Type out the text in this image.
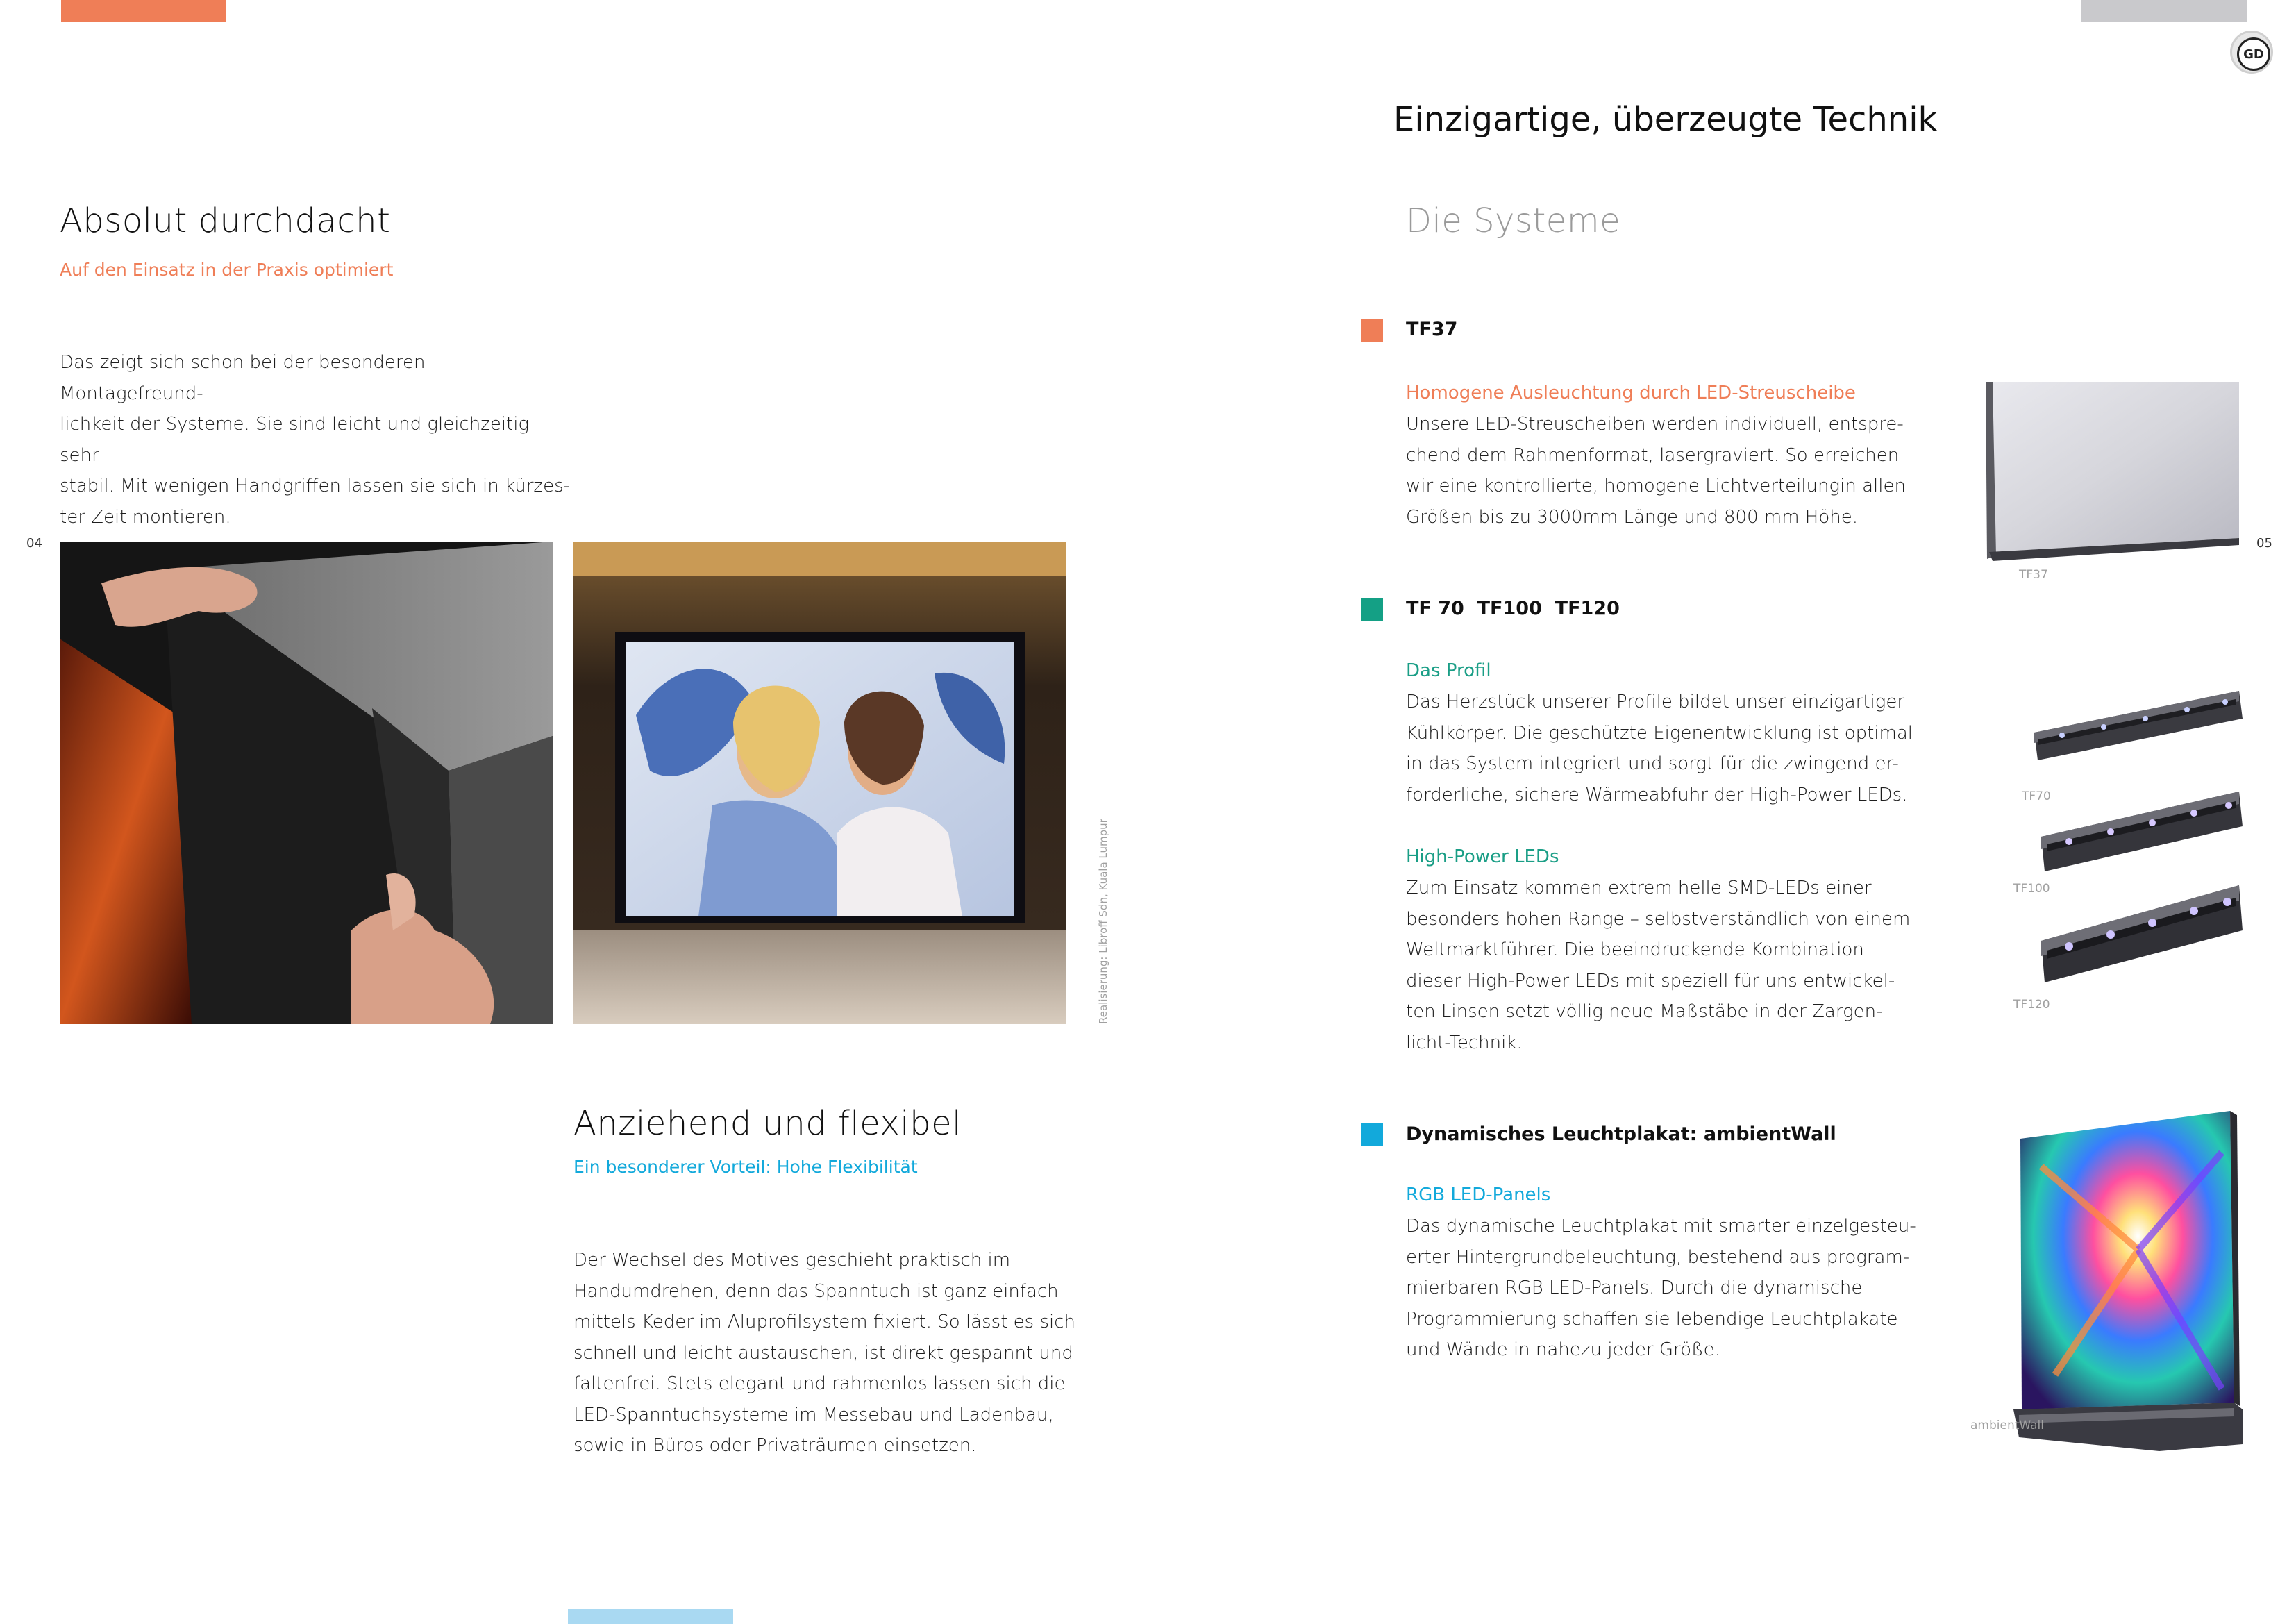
GD
04
Absolut durchdacht
Auf den Einsatz in der Praxis optimiert
Das zeigt sich schon bei der besonderen Montagefreund-
lichkeit der Systeme. Sie sind leicht und gleichzeitig sehr
stabil. Mit wenigen Handgriffen lassen sie sich in kürzes-
ter Zeit montieren.
Realisierung: Libroff Sdn, Kuala Lumpur
Anziehend und flexibel
Ein besonderer Vorteil: Hohe Flexibilität
Der Wechsel des Motives geschieht praktisch im
Handumdrehen, denn das Spanntuch ist ganz einfach
mittels Keder im Aluprofilsystem fixiert. So lässt es sich
schnell und leicht austauschen, ist direkt gespannt und
faltenfrei. Stets elegant und rahmenlos lassen sich die
LED-Spanntuchsysteme im Messebau und Ladenbau,
sowie in Büros oder Privaträumen einsetzen.
05
Einzigartige, überzeugte Technik
Die Systeme
TF37
Homogene Ausleuchtung durch LED-Streuscheibe
Unsere LED-Streuscheiben werden individuell, entspre-
chend dem Rahmenformat, lasergraviert. So erreichen
wir eine kontrollierte, homogene Lichtverteilungin allen
Größen bis zu 3000mm Länge und 800 mm Höhe.
TF37
TF 70  TF100  TF120
Das Profil
Das Herzstück unserer Profile bildet unser einzigartiger
Kühlkörper. Die geschützte Eigenentwicklung ist optimal
in das System integriert und sorgt für die zwingend er-
forderliche, sichere Wärmeabfuhr der High-Power LEDs.
High-Power LEDs
Zum Einsatz kommen extrem helle SMD-LEDs einer
besonders hohen Range – selbstverständlich von einem
Weltmarktführer. Die beeindruckende Kombination
dieser High-Power LEDs mit speziell für uns entwickel-
ten Linsen setzt völlig neue Maßstäbe in der Zargen-
licht-Technik.
TF70
TF100
TF120
Dynamisches Leuchtplakat: ambientWall
RGB LED-Panels
Das dynamische Leuchtplakat mit smarter einzelgesteu-
erter Hintergrundbeleuchtung, bestehend aus program-
mierbaren RGB LED-Panels. Durch die dynamische
Programmierung schaffen sie lebendige Leuchtplakate
und Wände in nahezu jeder Größe.
ambientWall
